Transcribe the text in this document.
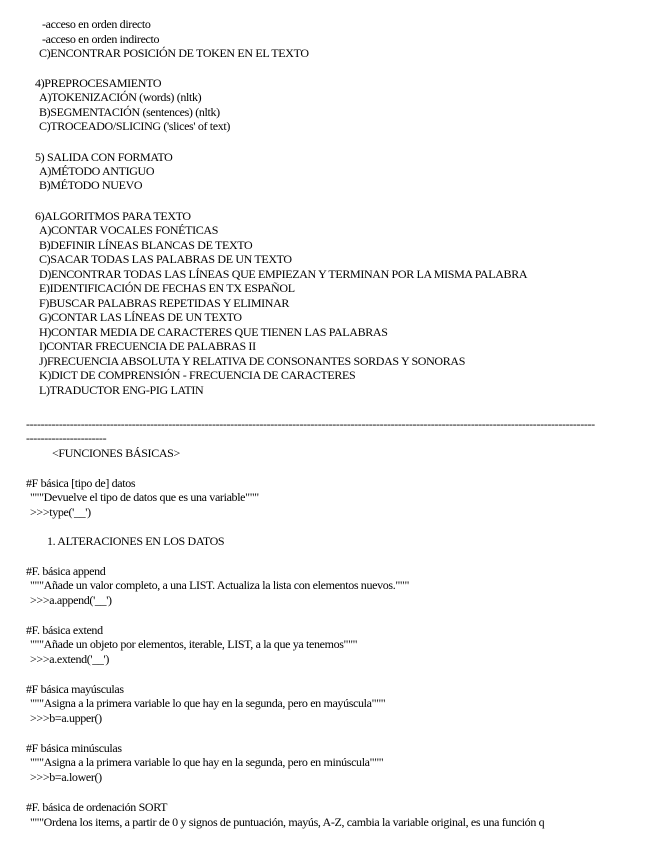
-acceso en orden directo
-acceso en orden indirecto
C)ENCONTRAR POSICIÓN DE TOKEN EN EL TEXTO
4)PREPROCESAMIENTO
A)TOKENIZACIÓN (words) (nltk)
B)SEGMENTACIÓN (sentences) (nltk)
C)TROCEADO/SLICING ('slices' of text)
5) SALIDA CON FORMATO
A)MÉTODO ANTIGUO
B)MÉTODO NUEVO
6)ALGORITMOS PARA TEXTO
A)CONTAR VOCALES FONÉTICAS
B)DEFINIR LÍNEAS BLANCAS DE TEXTO
C)SACAR TODAS LAS PALABRAS DE UN TEXTO
D)ENCONTRAR TODAS LAS LÍNEAS QUE EMPIEZAN Y TERMINAN POR LA MISMA PALABRA
E)IDENTIFICACIÓN DE FECHAS EN TX ESPAÑOL
F)BUSCAR PALABRAS REPETIDAS Y ELIMINAR
G)CONTAR LAS LÍNEAS DE UN TEXTO
H)CONTAR MEDIA DE CARACTERES QUE TIENEN LAS PALABRAS
I)CONTAR FRECUENCIA DE PALABRAS II
J)FRECUENCIA ABSOLUTA Y RELATIVA DE CONSONANTES SORDAS Y SONORAS
K)DICT DE COMPRENSIÓN - FRECUENCIA DE CARACTERES
L)TRADUCTOR ENG-PIG LATIN
------------------------------------------------------------------------------------------------------------------------------------------------------------
----------------------
<FUNCIONES BÁSICAS>
#F básica [tipo de] datos
"""Devuelve el tipo de datos que es una variable"""
>>>type('__')
1. ALTERACIONES EN LOS DATOS
#F. básica append
"""Añade un valor completo, a una LIST. Actualiza la lista con elementos nuevos."""
>>>a.append('__')
#F. básica extend
"""Añade un objeto por elementos, iterable, LIST, a la que ya tenemos"""
>>>a.extend('__')
#F básica mayúsculas
"""Asigna a la primera variable lo que hay en la segunda, pero en mayúscula"""
>>>b=a.upper()
#F básica minúsculas
"""Asigna a la primera variable lo que hay en la segunda, pero en minúscula"""
>>>b=a.lower()
#F. básica de ordenación SORT
"""Ordena los items, a partir de 0 y signos de puntuación, mayús, A-Z, cambia la variable original, es una función q
